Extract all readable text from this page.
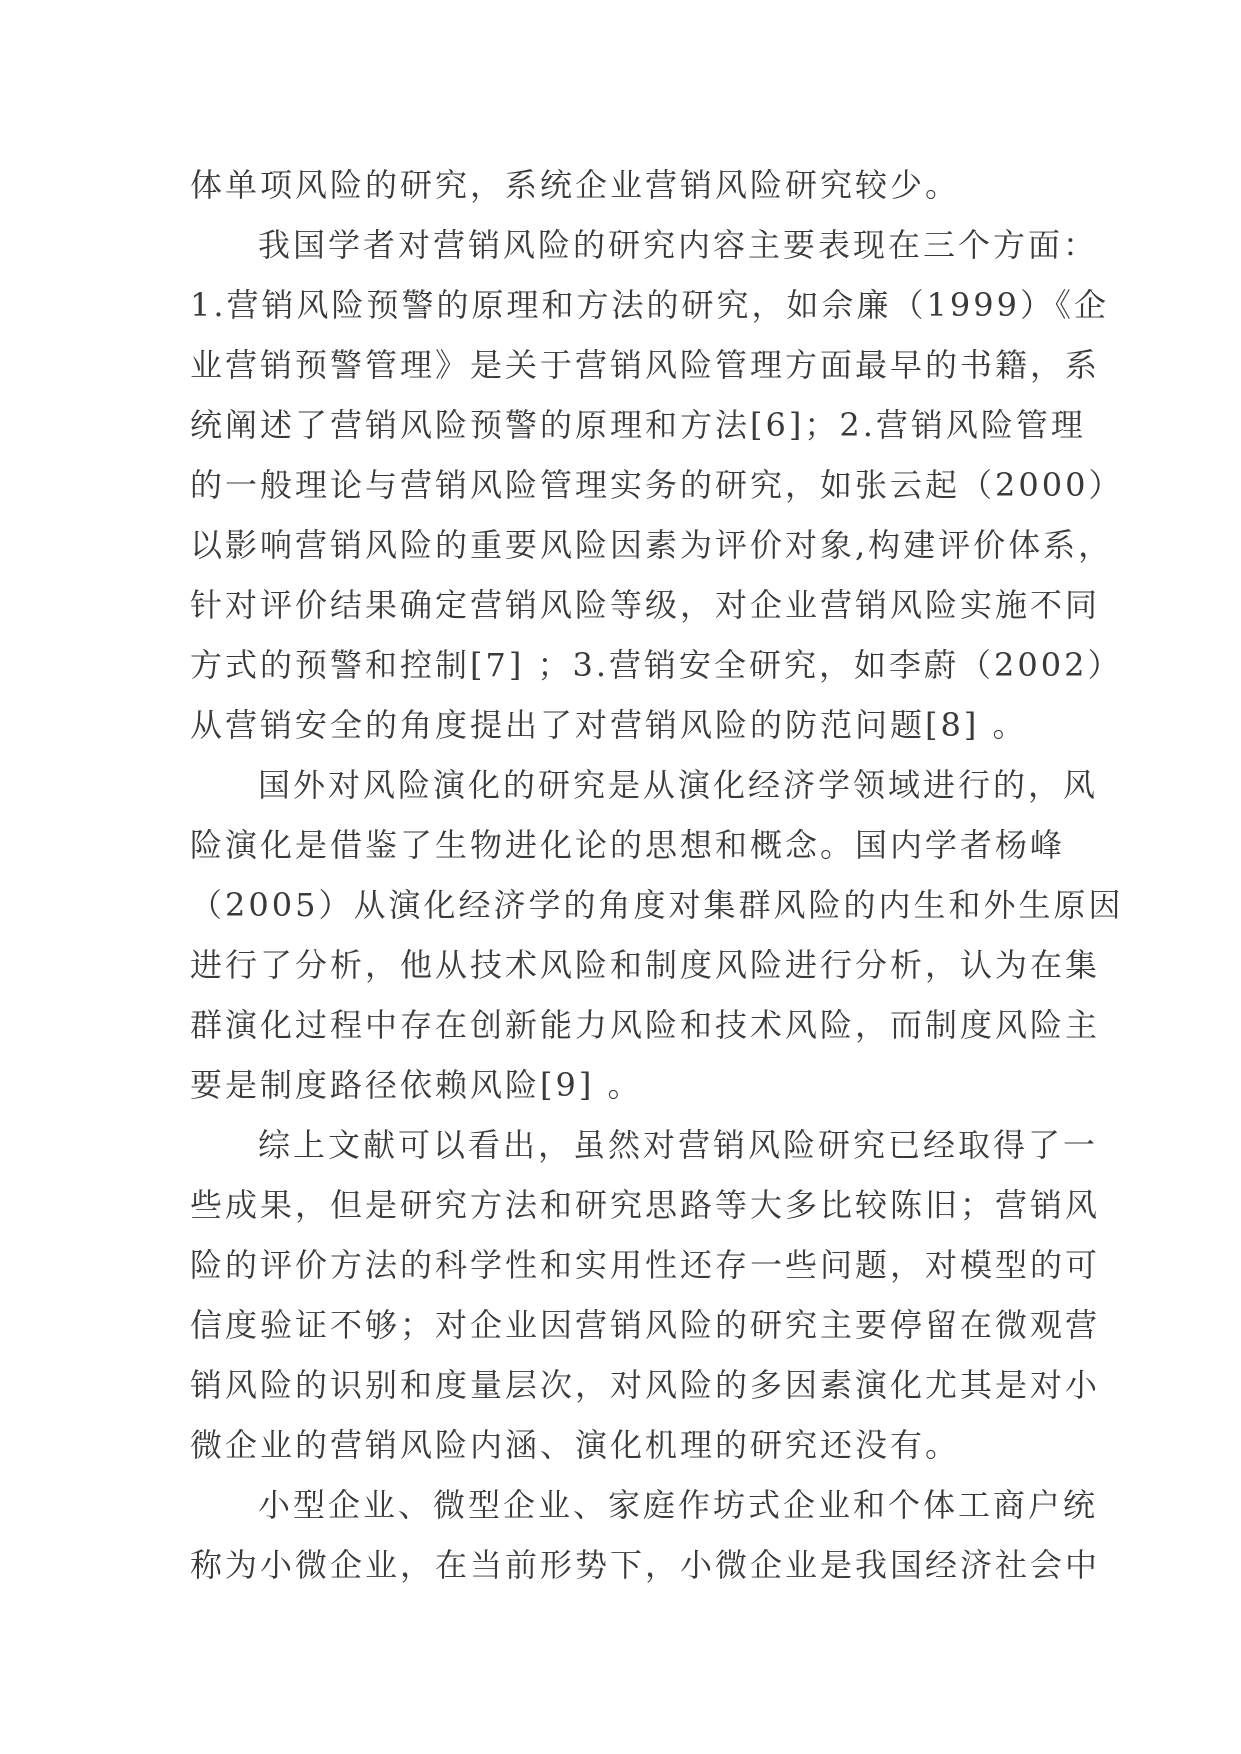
体单项风险的研究，系统企业营销风险研究较少。
我国学者对营销风险的研究内容主要表现在三个方面：
1.营销风险预警的原理和方法的研究，如佘廉（1999）《企
业营销预警管理》是关于营销风险管理方面最早的书籍，系
统阐述了营销风险预警的原理和方法[6]；2.营销风险管理
的一般理论与营销风险管理实务的研究，如张云起（2000）
以影响营销风险的重要风险因素为评价对象,构建评价体系，
针对评价结果确定营销风险等级，对企业营销风险实施不同
方式的预警和控制[7] ；3.营销安全研究，如李蔚（2002）
从营销安全的角度提出了对营销风险的防范问题[8] 。
国外对风险演化的研究是从演化经济学领域进行的，风
险演化是借鉴了生物进化论的思想和概念。国内学者杨峰
（2005）从演化经济学的角度对集群风险的内生和外生原因
进行了分析，他从技术风险和制度风险进行分析，认为在集
群演化过程中存在创新能力风险和技术风险，而制度风险主
要是制度路径依赖风险[9] 。
综上文献可以看出，虽然对营销风险研究已经取得了一
些成果，但是研究方法和研究思路等大多比较陈旧；营销风
险的评价方法的科学性和实用性还存一些问题，对模型的可
信度验证不够；对企业因营销风险的研究主要停留在微观营
销风险的识别和度量层次，对风险的多因素演化尤其是对小
微企业的营销风险内涵、演化机理的研究还没有。
小型企业、微型企业、家庭作坊式企业和个体工商户统
称为小微企业，在当前形势下，小微企业是我国经济社会中
